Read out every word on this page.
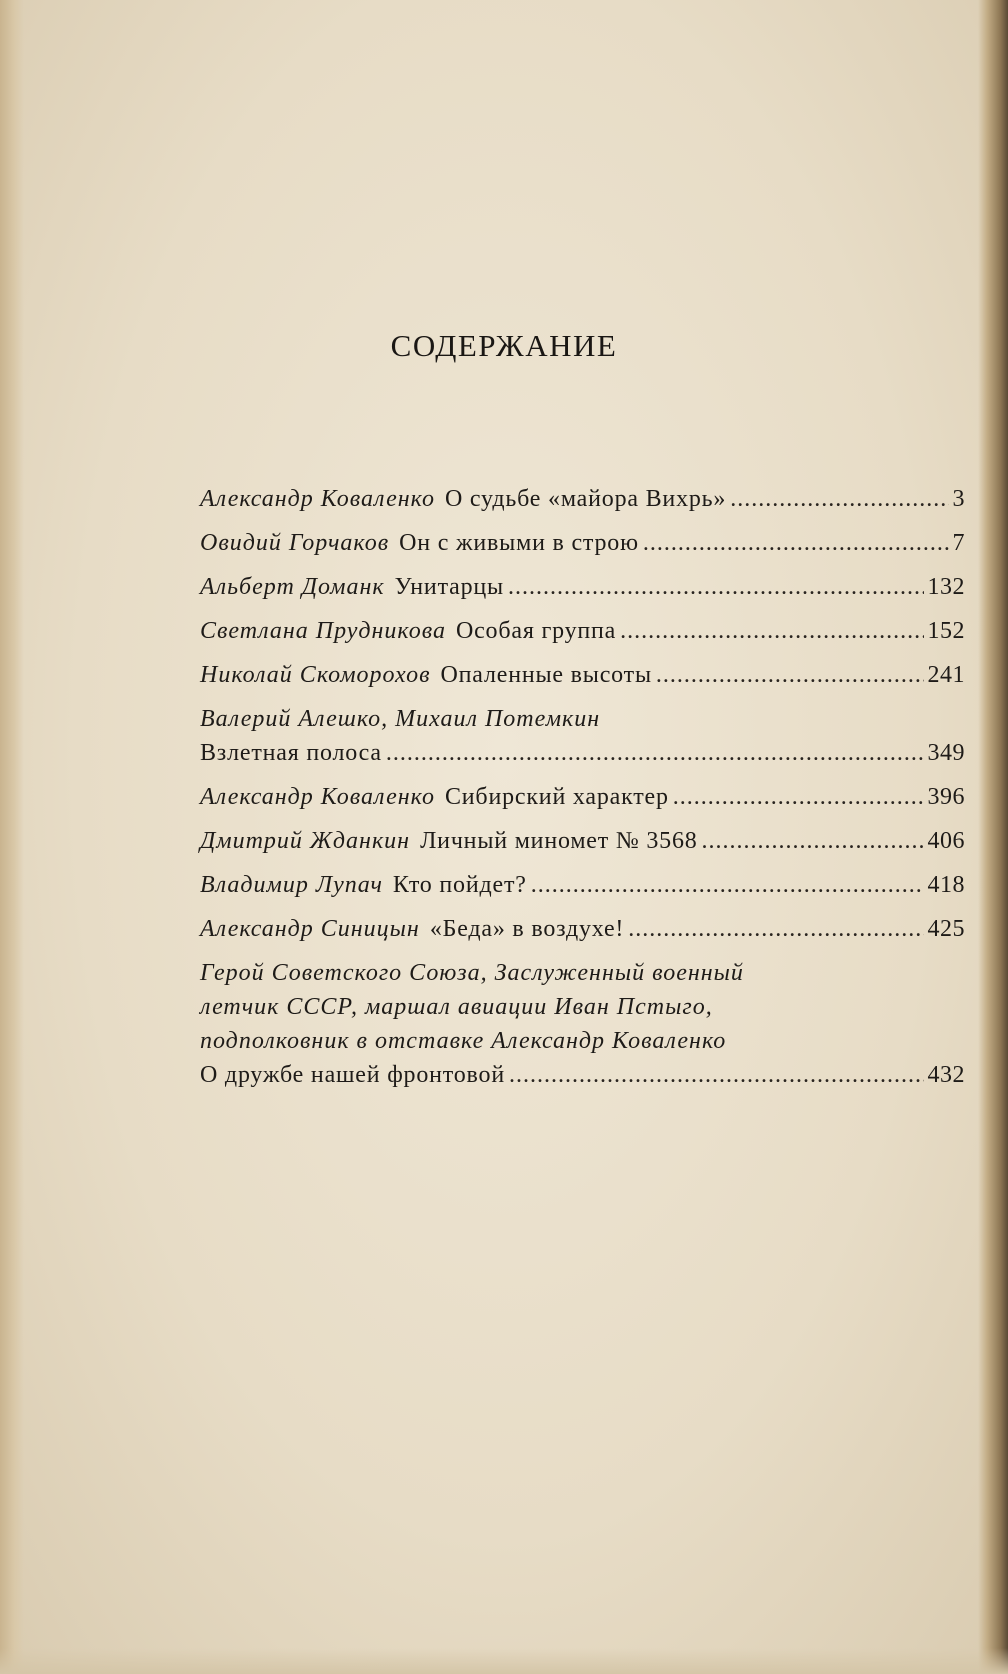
СОДЕРЖАНИЕ
Александр Коваленко О судьбе «майора Вихрь» .....	3
Овидий Горчаков Он с живыми в строю .....	7
Альберт Доманк Унитарцы .....	132
Светлана Прудникова Особая группа .....	152
Николай Скоморохов Опаленные высоты .....	241
Валерий Алешко, Михаил Потемкин
Взлетная полоса .....	349
Александр Коваленко Сибирский характер .....	396
Дмитрий Жданкин Личный миномет № 3568 .....	406
Владимир Лупач Кто пойдет? .....	418
Александр Синицын «Беда» в воздухе! .....	425
Герой Советского Союза, Заслуженный военный
летчик СССР, маршал авиации Иван Пстыго,
подполковник в отставке Александр Коваленко
О дружбе нашей фронтовой .....	432
